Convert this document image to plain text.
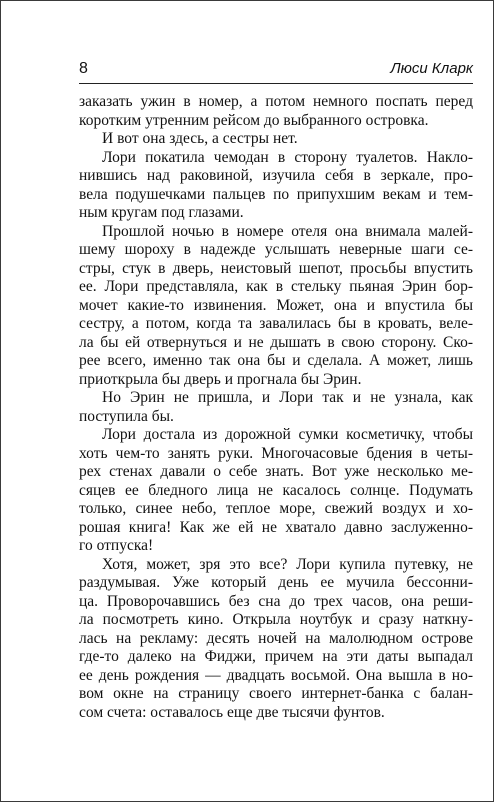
8	Люси Кларк
заказать ужин в номер, а потом немного поспать перед
коротким утренним рейсом до выбранного островка.
И вот она здесь, а сестры нет.
Лори покатила чемодан в сторону туалетов. Накло-
нившись над раковиной, изучила себя в зеркале, про-
вела подушечками пальцев по припухшим векам и тем-
ным кругам под глазами.
Прошлой ночью в номере отеля она внимала малей-
шему шороху в надежде услышать неверные шаги се-
стры, стук в дверь, неистовый шепот, просьбы впустить
ее. Лори представляла, как в стельку пьяная Эрин бор-
мочет какие-то извинения. Может, она и впустила бы
сестру, а потом, когда та завалилась бы в кровать, веле-
ла бы ей отвернуться и не дышать в свою сторону. Ско-
рее всего, именно так она бы и сделала. А может, лишь
приоткрыла бы дверь и прогнала бы Эрин.
Но Эрин не пришла, и Лори так и не узнала, как
поступила бы.
Лори достала из дорожной сумки косметичку, чтобы
хоть чем-то занять руки. Многочасовые бдения в четы-
рех стенах давали о себе знать. Вот уже несколько ме-
сяцев ее бледного лица не касалось солнце. Подумать
только, синее небо, теплое море, свежий воздух и хо-
рошая книга! Как же ей не хватало давно заслуженно-
го отпуска!
Хотя, может, зря это все? Лори купила путевку, не
раздумывая. Уже который день ее мучила бессонни-
ца. Проворочавшись без сна до трех часов, она реши-
ла посмотреть кино. Открыла ноутбук и сразу наткну-
лась на рекламу: десять ночей на малолюдном острове
где-то далеко на Фиджи, причем на эти даты выпадал
ее день рождения — двадцать восьмой. Она вышла в но-
вом окне на страницу своего интернет-банка с балан-
сом счета: оставалось еще две тысячи фунтов.
